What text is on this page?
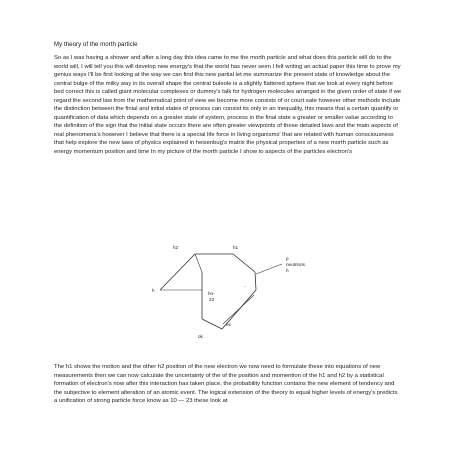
My theory of the morth particle

So as I was having a shower and after a long day this idea came to me the morth particle and what does this particle will do to the world will, I will tell you this will develop new energy's that the world has never seen I felt writing an actual paper this time to prove my genius ways I'll be first looking at the way we can find this new partial let me summarize the present state of knowledge about the central bulge of the milky way in its overall shape the central buleole is a slightly flattered sphere that we look at every night before bed correct this is called giant molecular complexes or dummy's talk for hydrogen molecules arranged in the given order of state if we regard the second law from the mathematical point of view we become more consists of or court sate however other methods include the distinction between the finial and initial states of process can consist its only in an inequality, this means that a certain quantify or quantification of data which depends on a greater state of system, process in the final state a greater or smaller value according to the definition of the sign that the initial state occurs there are often greater viewpoints of these detailed laws and the main aspects of real phenomena's however I believe that there is a special life force in living organisms' that are related with human consciousness that help explore the new laws of physics explained in heisenbug's matrix the physical properties of a new morth particle such as energy momentum position and time In my picture of the morth particle I show to aspects of the particles electron's

h2	h1
h
ho-
23
-
p
neutrinos
h
es
ok

The h1 shows the motion and the other h2 position of the new electron we now need to formulate these into equations of new measurements then we can now calculate the uncertainty of the of the position and momention of the h1 and h2 by a statistical formation of electron's now after this interaction has taken place, the probability function contains the new element of tendency and the subjective to element alteration of an atomic event. The logical extension of the theory to equal higher levels of energy's predicts a unification of strong particle force know as 10 — 23 these look at
